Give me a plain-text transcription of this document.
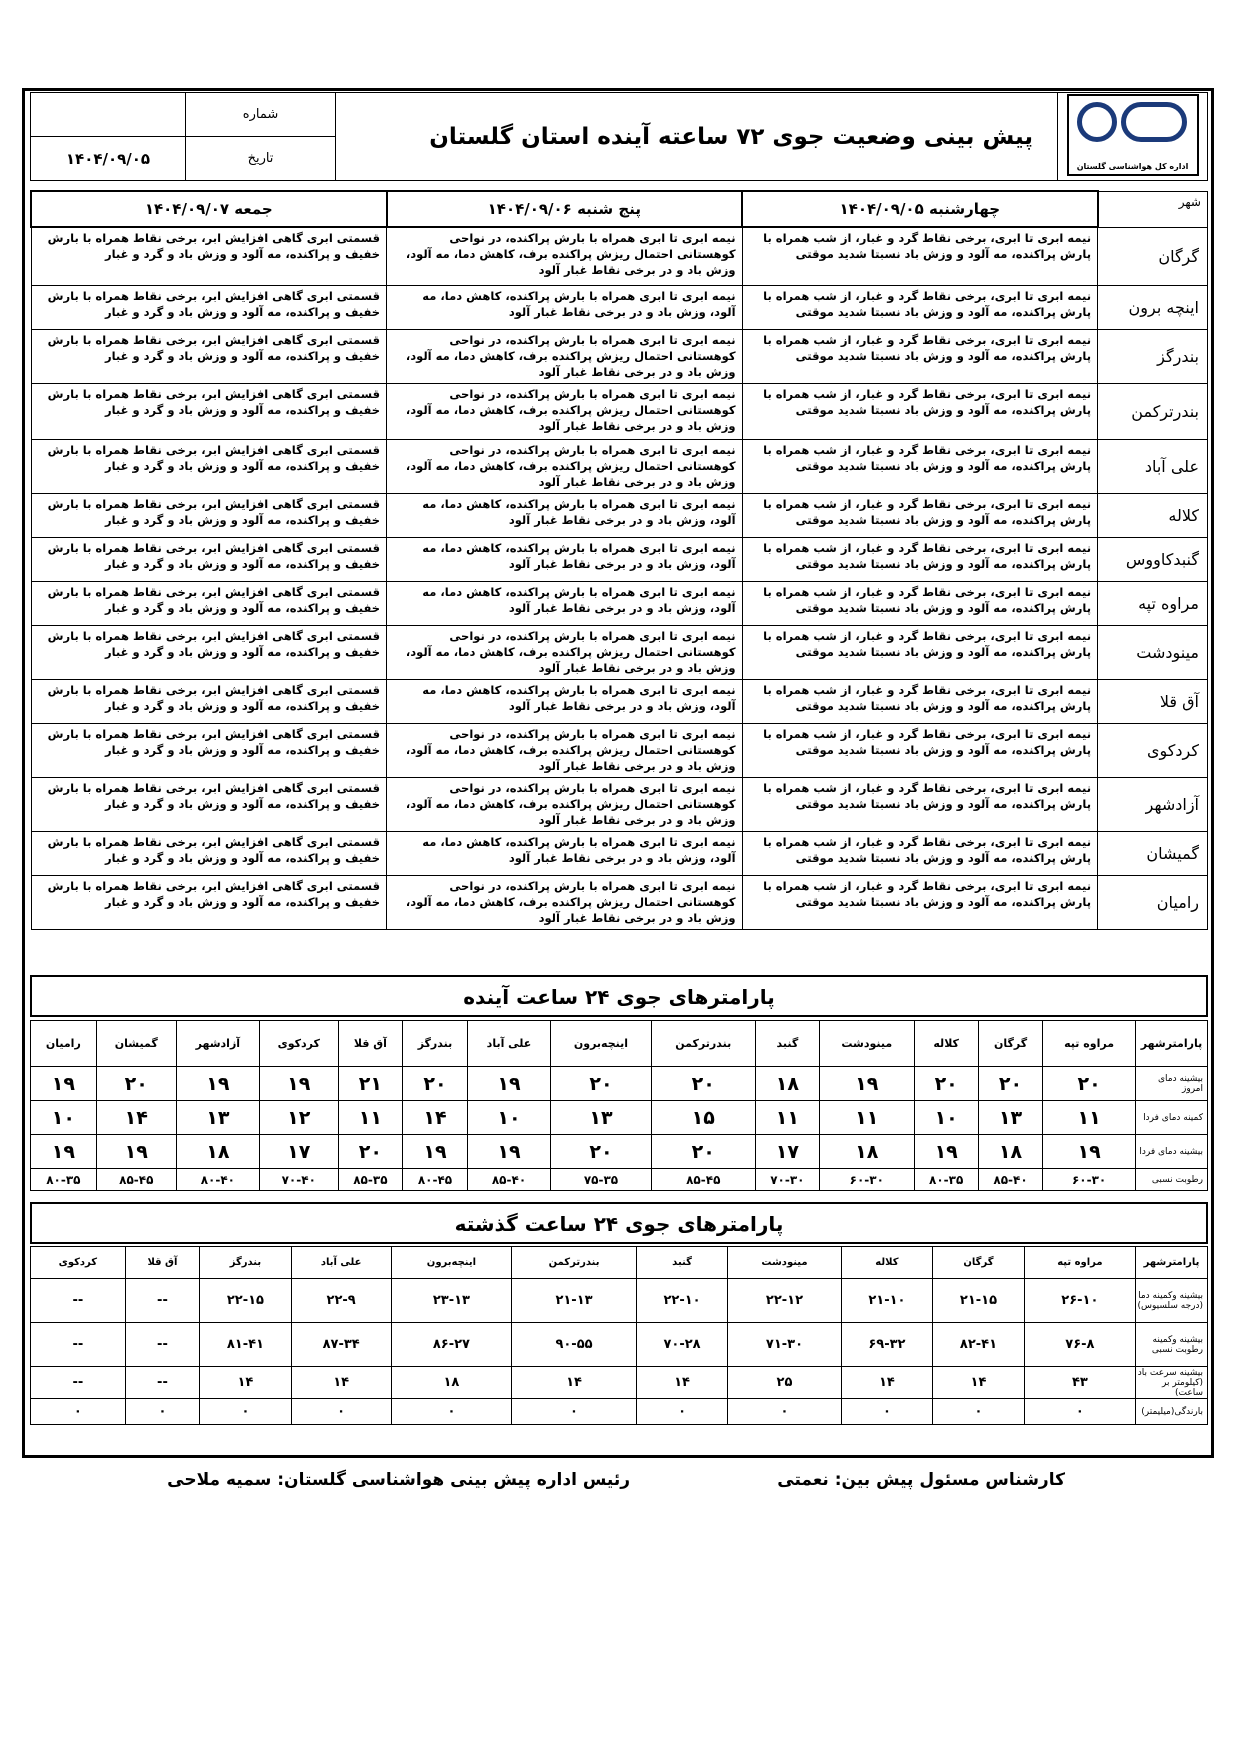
اداره کل هواشناسی گلستان	پیش بینی وضعیت جوی ۷۲ ساعته آینده استان گلستان	شماره	
		تاریخ	۱۴۰۴/۰۹/۰۵
شهر	چهارشنبه ۱۴۰۴/۰۹/۰۵	پنج شنبه ۱۴۰۴/۰۹/۰۶	جمعه ۱۴۰۴/۰۹/۰۷
گرگان	نیمه ابری تا ابری، برخی نقاط گرد و غبار، از شب همراه با پارش پراکنده، مه آلود و وزش باد نسبتا شدید موقتی	نیمه ابری تا ابری همراه با بارش پراکنده، در نواحی کوهستانی احتمال ریزش پراکنده برف، کاهش دما، مه آلود، وزش باد و در برخی نقاط غبار آلود	قسمتی ابری گاهی افزایش ابر، برخی نقاط همراه با بارش خفیف و پراکنده، مه آلود و وزش باد و گرد و غبار
اینچه برون	نیمه ابری تا ابری، برخی نقاط گرد و غبار، از شب همراه با پارش پراکنده، مه آلود و وزش باد نسبتا شدید موقتی	نیمه ابری تا ابری همراه با بارش پراکنده، کاهش دما، مه آلود، وزش باد و در برخی نقاط غبار آلود	قسمتی ابری گاهی افزایش ابر، برخی نقاط همراه با بارش خفیف و پراکنده، مه آلود و وزش باد و گرد و غبار
بندرگز	نیمه ابری تا ابری، برخی نقاط گرد و غبار، از شب همراه با پارش پراکنده، مه آلود و وزش باد نسبتا شدید موقتی	نیمه ابری تا ابری همراه با بارش پراکنده، در نواحی کوهستانی احتمال ریزش پراکنده برف، کاهش دما، مه آلود، وزش باد و در برخی نقاط غبار آلود	قسمتی ابری گاهی افزایش ابر، برخی نقاط همراه با بارش خفیف و پراکنده، مه آلود و وزش باد و گرد و غبار
بندرترکمن	نیمه ابری تا ابری، برخی نقاط گرد و غبار، از شب همراه با پارش پراکنده، مه آلود و وزش باد نسبتا شدید موقتی	نیمه ابری تا ابری همراه با بارش پراکنده، در نواحی کوهستانی احتمال ریزش پراکنده برف، کاهش دما، مه آلود، وزش باد و در برخی نقاط غبار آلود	قسمتی ابری گاهی افزایش ابر، برخی نقاط همراه با بارش خفیف و پراکنده، مه آلود و وزش باد و گرد و غبار
علی آباد	نیمه ابری تا ابری، برخی نقاط گرد و غبار، از شب همراه با پارش پراکنده، مه آلود و وزش باد نسبتا شدید موقتی	نیمه ابری تا ابری همراه با بارش پراکنده، در نواحی کوهستانی احتمال ریزش پراکنده برف، کاهش دما، مه آلود، وزش باد و در برخی نقاط غبار آلود	قسمتی ابری گاهی افزایش ابر، برخی نقاط همراه با بارش خفیف و پراکنده، مه آلود و وزش باد و گرد و غبار
کلاله	نیمه ابری تا ابری، برخی نقاط گرد و غبار، از شب همراه با پارش پراکنده، مه آلود و وزش باد نسبتا شدید موقتی	نیمه ابری تا ابری همراه با بارش پراکنده، کاهش دما، مه آلود، وزش باد و در برخی نقاط غبار آلود	قسمتی ابری گاهی افزایش ابر، برخی نقاط همراه با بارش خفیف و پراکنده، مه آلود و وزش باد و گرد و غبار
گنبدکاووس	نیمه ابری تا ابری، برخی نقاط گرد و غبار، از شب همراه با پارش پراکنده، مه آلود و وزش باد نسبتا شدید موقتی	نیمه ابری تا ابری همراه با بارش پراکنده، کاهش دما، مه آلود، وزش باد و در برخی نقاط غبار آلود	قسمتی ابری گاهی افزایش ابر، برخی نقاط همراه با بارش خفیف و پراکنده، مه آلود و وزش باد و گرد و غبار
مراوه تپه	نیمه ابری تا ابری، برخی نقاط گرد و غبار، از شب همراه با پارش پراکنده، مه آلود و وزش باد نسبتا شدید موقتی	نیمه ابری تا ابری همراه با بارش پراکنده، کاهش دما، مه آلود، وزش باد و در برخی نقاط غبار آلود	قسمتی ابری گاهی افزایش ابر، برخی نقاط همراه با بارش خفیف و پراکنده، مه آلود و وزش باد و گرد و غبار
مینودشت	نیمه ابری تا ابری، برخی نقاط گرد و غبار، از شب همراه با پارش پراکنده، مه آلود و وزش باد نسبتا شدید موقتی	نیمه ابری تا ابری همراه با بارش پراکنده، در نواحی کوهستانی احتمال ریزش پراکنده برف، کاهش دما، مه آلود، وزش باد و در برخی نقاط غبار آلود	قسمتی ابری گاهی افزایش ابر، برخی نقاط همراه با بارش خفیف و پراکنده، مه آلود و وزش باد و گرد و غبار
آق قلا	نیمه ابری تا ابری، برخی نقاط گرد و غبار، از شب همراه با پارش پراکنده، مه آلود و وزش باد نسبتا شدید موقتی	نیمه ابری تا ابری همراه با بارش پراکنده، کاهش دما، مه آلود، وزش باد و در برخی نقاط غبار آلود	قسمتی ابری گاهی افزایش ابر، برخی نقاط همراه با بارش خفیف و پراکنده، مه آلود و وزش باد و گرد و غبار
کردکوی	نیمه ابری تا ابری، برخی نقاط گرد و غبار، از شب همراه با پارش پراکنده، مه آلود و وزش باد نسبتا شدید موقتی	نیمه ابری تا ابری همراه با بارش پراکنده، در نواحی کوهستانی احتمال ریزش پراکنده برف، کاهش دما، مه آلود، وزش باد و در برخی نقاط غبار آلود	قسمتی ابری گاهی افزایش ابر، برخی نقاط همراه با بارش خفیف و پراکنده، مه آلود و وزش باد و گرد و غبار
آزادشهر	نیمه ابری تا ابری، برخی نقاط گرد و غبار، از شب همراه با پارش پراکنده، مه آلود و وزش باد نسبتا شدید موقتی	نیمه ابری تا ابری همراه با بارش پراکنده، در نواحی کوهستانی احتمال ریزش پراکنده برف، کاهش دما، مه آلود، وزش باد و در برخی نقاط غبار آلود	قسمتی ابری گاهی افزایش ابر، برخی نقاط همراه با بارش خفیف و پراکنده، مه آلود و وزش باد و گرد و غبار
گمیشان	نیمه ابری تا ابری، برخی نقاط گرد و غبار، از شب همراه با پارش پراکنده، مه آلود و وزش باد نسبتا شدید موقتی	نیمه ابری تا ابری همراه با بارش پراکنده، کاهش دما، مه آلود، وزش باد و در برخی نقاط غبار آلود	قسمتی ابری گاهی افزایش ابر، برخی نقاط همراه با بارش خفیف و پراکنده، مه آلود و وزش باد و گرد و غبار
رامیان	نیمه ابری تا ابری، برخی نقاط گرد و غبار، از شب همراه با پارش پراکنده، مه آلود و وزش باد نسبتا شدید موقتی	نیمه ابری تا ابری همراه با بارش پراکنده، در نواحی کوهستانی احتمال ریزش پراکنده برف، کاهش دما، مه آلود، وزش باد و در برخی نقاط غبار آلود	قسمتی ابری گاهی افزایش ابر، برخی نقاط همراه با بارش خفیف و پراکنده، مه آلود و وزش باد و گرد و غبار
پارامترهای جوی ۲۴ ساعت آینده
پارامترشهر	مراوه تپه	گرگان	کلاله	مینودشت	گنبد	بندرترکمن	اینچه‌برون	علی آباد	بندرگز	آق قلا	کردکوی	آزادشهر	گمیشان	رامیان
بیشینه دمای امروز	۲۰	۲۰	۲۰	۱۹	۱۸	۲۰	۲۰	۱۹	۲۰	۲۱	۱۹	۱۹	۲۰	۱۹
کمینه دمای فردا	۱۱	۱۳	۱۰	۱۱	۱۱	۱۵	۱۳	۱۰	۱۴	۱۱	۱۲	۱۳	۱۴	۱۰
بیشینه دمای فردا	۱۹	۱۸	۱۹	۱۸	۱۷	۲۰	۲۰	۱۹	۱۹	۲۰	۱۷	۱۸	۱۹	۱۹
رطوبت نسبی	۶۰-۳۰	۸۵-۴۰	۸۰-۳۵	۶۰-۳۰	۷۰-۳۰	۸۵-۴۵	۷۵-۳۵	۸۵-۴۰	۸۰-۴۵	۸۵-۳۵	۷۰-۴۰	۸۰-۴۰	۸۵-۴۵	۸۰-۳۵
پارامترهای جوی ۲۴ ساعت گذشته
پارامترشهر	مراوه تپه	گرگان	کلاله	مینودشت	گنبد	بندرترکمن	اینچه‌برون	علی آباد	بندرگز	آق قلا	کردکوی
بیشینه وکمینه دما (درجه سلسیوس)	۲۶-۱۰	۲۱-۱۵	۲۱-۱۰	۲۲-۱۲	۲۲-۱۰	۲۱-۱۳	۲۳-۱۳	۲۲-۹	۲۲-۱۵	--	--
بیشینه وکمینه رطوبت نسبی	۷۶-۸	۸۲-۴۱	۶۹-۳۲	۷۱-۳۰	۷۰-۲۸	۹۰-۵۵	۸۶-۲۷	۸۷-۳۴	۸۱-۴۱	--	--
بیشینه سرعت باد (کیلومتر بر ساعت)	۴۳	۱۴	۱۴	۲۵	۱۴	۱۴	۱۸	۱۴	۱۴	--	--
بارندگی(میلیمتر)	۰	۰	۰	۰	۰	۰	۰	۰	۰	۰	۰
کارشناس مسئول پیش بین: نعمتی
رئیس اداره پیش بینی هواشناسی گلستان: سمیه ملاحی
